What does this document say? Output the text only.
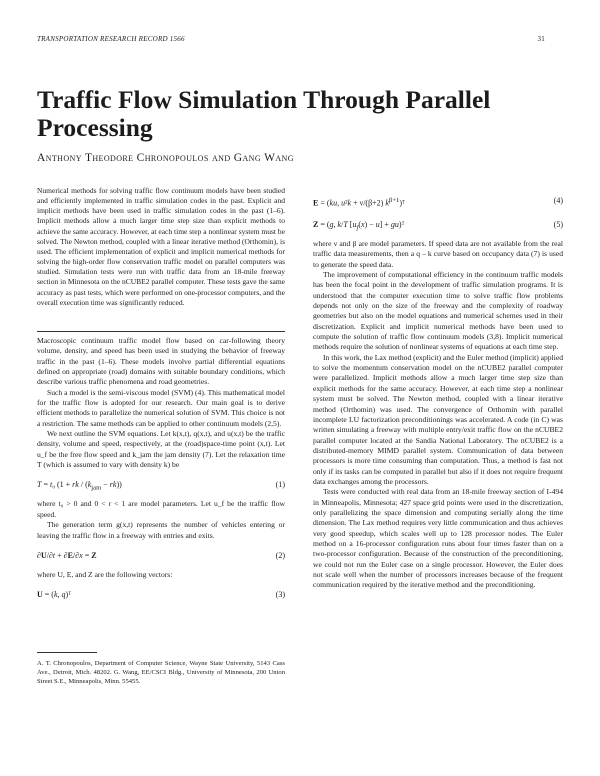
TRANSPORTATION RESEARCH RECORD 1566	31
Traffic Flow Simulation Through Parallel Processing
Anthony Theodore Chronopoulos and Gang Wang

Numerical methods for solving traffic flow continuum models have been studied and efficiently implemented in traffic simulation codes in the past. Explicit and implicit methods have been used in traffic simulation codes in the past (1–6). Implicit methods allow a much larger time step size than explicit methods to achieve the same accuracy. However, at each time step a nonlinear system must be solved. The Newton method, coupled with a linear iterative method (Orthomin), is used. The efficient implementation of explicit and implicit numerical methods for solving the high-order flow conservation traffic model on parallel computers was studied. Simulation tests were run with traffic data from an 18-mile freeway section in Minnesota on the nCUBE2 parallel computer. These tests gave the same accuracy as past tests, which were performed on one-processor computers, and the overall execution time was significantly reduced.

Macroscopic continuum traffic model flow based on car-following theory volume, density, and speed has been used in studying the behavior of freeway traffic in the past (1–6). These models involve partial differential equations defined on appropriate (road) domains with suitable boundary conditions, which describe various traffic phenomena and road geometries.

Such a model is the semi-viscous model (SVM) (4). This mathematical model for the traffic flow is adopted for our research. Our main goal is to derive efficient methods to parallelize the numerical solution of SVM. This choice is not a restriction. The same methods can be applied to other continuum models (2,5).

We next outline the SVM equations. Let k(x,t), q(x,t), and u(x,t) be the traffic density, volume and speed, respectively, at the (road)space-time point (x,t). Let u_f be the free flow speed and k_jam the jam density (7). Let the relaxation time T (which is assumed to vary with density k) be

T = t₀ (1 + rk / $(k_{jam} - rk)$)	(1)

where t₀ > 0 and 0 < r < 1 are model parameters. Let u_f be the traffic flow speed.

The generation term g(x,t) represents the number of vehicles entering or leaving the traffic flow in a freeway with entries and exits.

∂U/∂t + ∂E/∂x = Z	(2)

where U, E, and Z are the following vectors:

U = (k, q)ᵀ	(3)
A. T. Chronopoulos, Department of Computer Science, Wayne State University, 5143 Cass Ave., Detroit, Mich. 48202. G. Wang, EE/CSCI Bldg., University of Minnesota, 200 Union Street S.E., Minneapolis, Minn. 55455.
E = (ku, u²k + ν/(β+2) $k^{\beta+1})ᵀ$	(4)
Z = (g, k/T $[u_f(x) - u]$ + gu)ᵀ	(5)

where ν and β are model parameters. If speed data are not available from the real traffic data measurements, then a q – k curve based on occupancy data (7) is used to generate the speed data.

The improvement of computational efficiency in the continuum traffic models has been the focal point in the development of traffic simulation programs. It is understood that the computer execution time to solve traffic flow problems depends not only on the size of the freeway and the complexity of roadway geometries but also on the model equations and numerical schemes used in their discretization. Explicit and implicit numerical methods have been used to compute the solution of traffic flow continuum models (3,8). Implicit numerical methods require the solution of nonlinear systems of equations at each time step.

In this work, the Lax method (explicit) and the Euler method (implicit) applied to solve the momentum conservation model on the nCUBE2 parallel computer were parallelized. Implicit methods allow a much larger time step size than explicit methods for the same accuracy. However, at each time step a nonlinear system must be solved. The Newton method, coupled with a linear iterative method (Orthomin) was used. The convergence of Orthomin with parallel incomplete LU factorization preconditionings was accelerated. A code (in C) was written simulating a freeway with multiple entry/exit traffic flow on the nCUBE2 parallel computer located at the Sandia National Laboratory. The nCUBE2 is a distributed-memory MIMD parallel system. Communication of data between processors is more time consuming than computation. Thus, a method is fast not only if its tasks can be computed in parallel but also if it does not require frequent data exchanges among the processors.

Tests were conducted with real data from an 18-mile freeway section of I-494 in Minneapolis, Minnesota; 427 space grid points were used in the discretization, only parallelizing the space dimension and computing serially along the time dimension. The Lax method requires very little communication and thus achieves very good speedup, which scales well up to 128 processor nodes. The Euler method on a 16-processor configuration runs about four times faster than on a two-processor configuration. Because of the construction of the preconditioning, we could not run the Euler case on a single processor. However, the Euler does not scale well when the number of processors increases because of the frequent communication required by the iterative method and the preconditioning.
